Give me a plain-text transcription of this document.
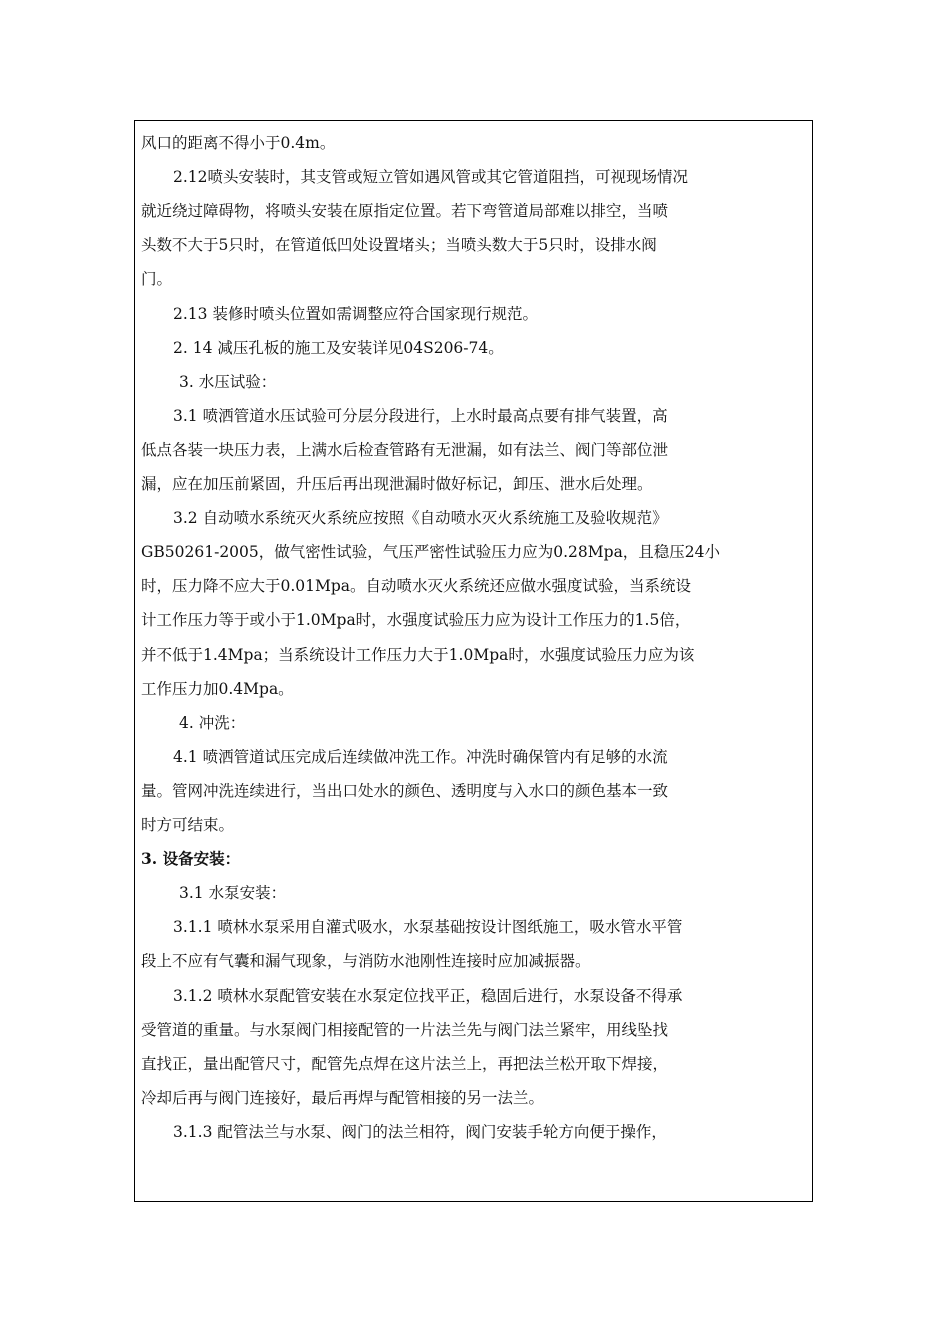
风口的距离不得小于0.4m。
2.12喷头安装时，其支管或短立管如遇风管或其它管道阻挡，可视现场情况
就近绕过障碍物，将喷头安装在原指定位置。若下弯管道局部难以排空，当喷
头数不大于5只时，在管道低凹处设置堵头；当喷头数大于5只时，设排水阀
门。
2.13 装修时喷头位置如需调整应符合国家现行规范。
2. 14 减压孔板的施工及安装详见04S206-74。
3. 水压试验：
3.1 喷洒管道水压试验可分层分段进行，上水时最高点要有排气装置，高
低点各装一块压力表，上满水后检查管路有无泄漏，如有法兰、阀门等部位泄
漏，应在加压前紧固，升压后再出现泄漏时做好标记，卸压、泄水后处理。
3.2 自动喷水系统灭火系统应按照《自动喷水灭火系统施工及验收规范》
GB50261-2005，做气密性试验，气压严密性试验压力应为0.28Mpa，且稳压24小
时，压力降不应大于0.01Mpa。自动喷水灭火系统还应做水强度试验，当系统设
计工作压力等于或小于1.0Mpa时，水强度试验压力应为设计工作压力的1.5倍，
并不低于1.4Mpa；当系统设计工作压力大于1.0Mpa时，水强度试验压力应为该
工作压力加0.4Mpa。
4. 冲洗：
4.1 喷洒管道试压完成后连续做冲洗工作。冲洗时确保管内有足够的水流
量。管网冲洗连续进行，当出口处水的颜色、透明度与入水口的颜色基本一致
时方可结束。
3. 设备安装：
3.1 水泵安装：
3.1.1 喷林水泵采用自灌式吸水，水泵基础按设计图纸施工，吸水管水平管
段上不应有气囊和漏气现象，与消防水池刚性连接时应加减振器。
3.1.2 喷林水泵配管安装在水泵定位找平正，稳固后进行，水泵设备不得承
受管道的重量。与水泵阀门相接配管的一片法兰先与阀门法兰紧牢，用线坠找
直找正，量出配管尺寸，配管先点焊在这片法兰上，再把法兰松开取下焊接，
冷却后再与阀门连接好，最后再焊与配管相接的另一法兰。
3.1.3 配管法兰与水泵、阀门的法兰相符，阀门安装手轮方向便于操作，
